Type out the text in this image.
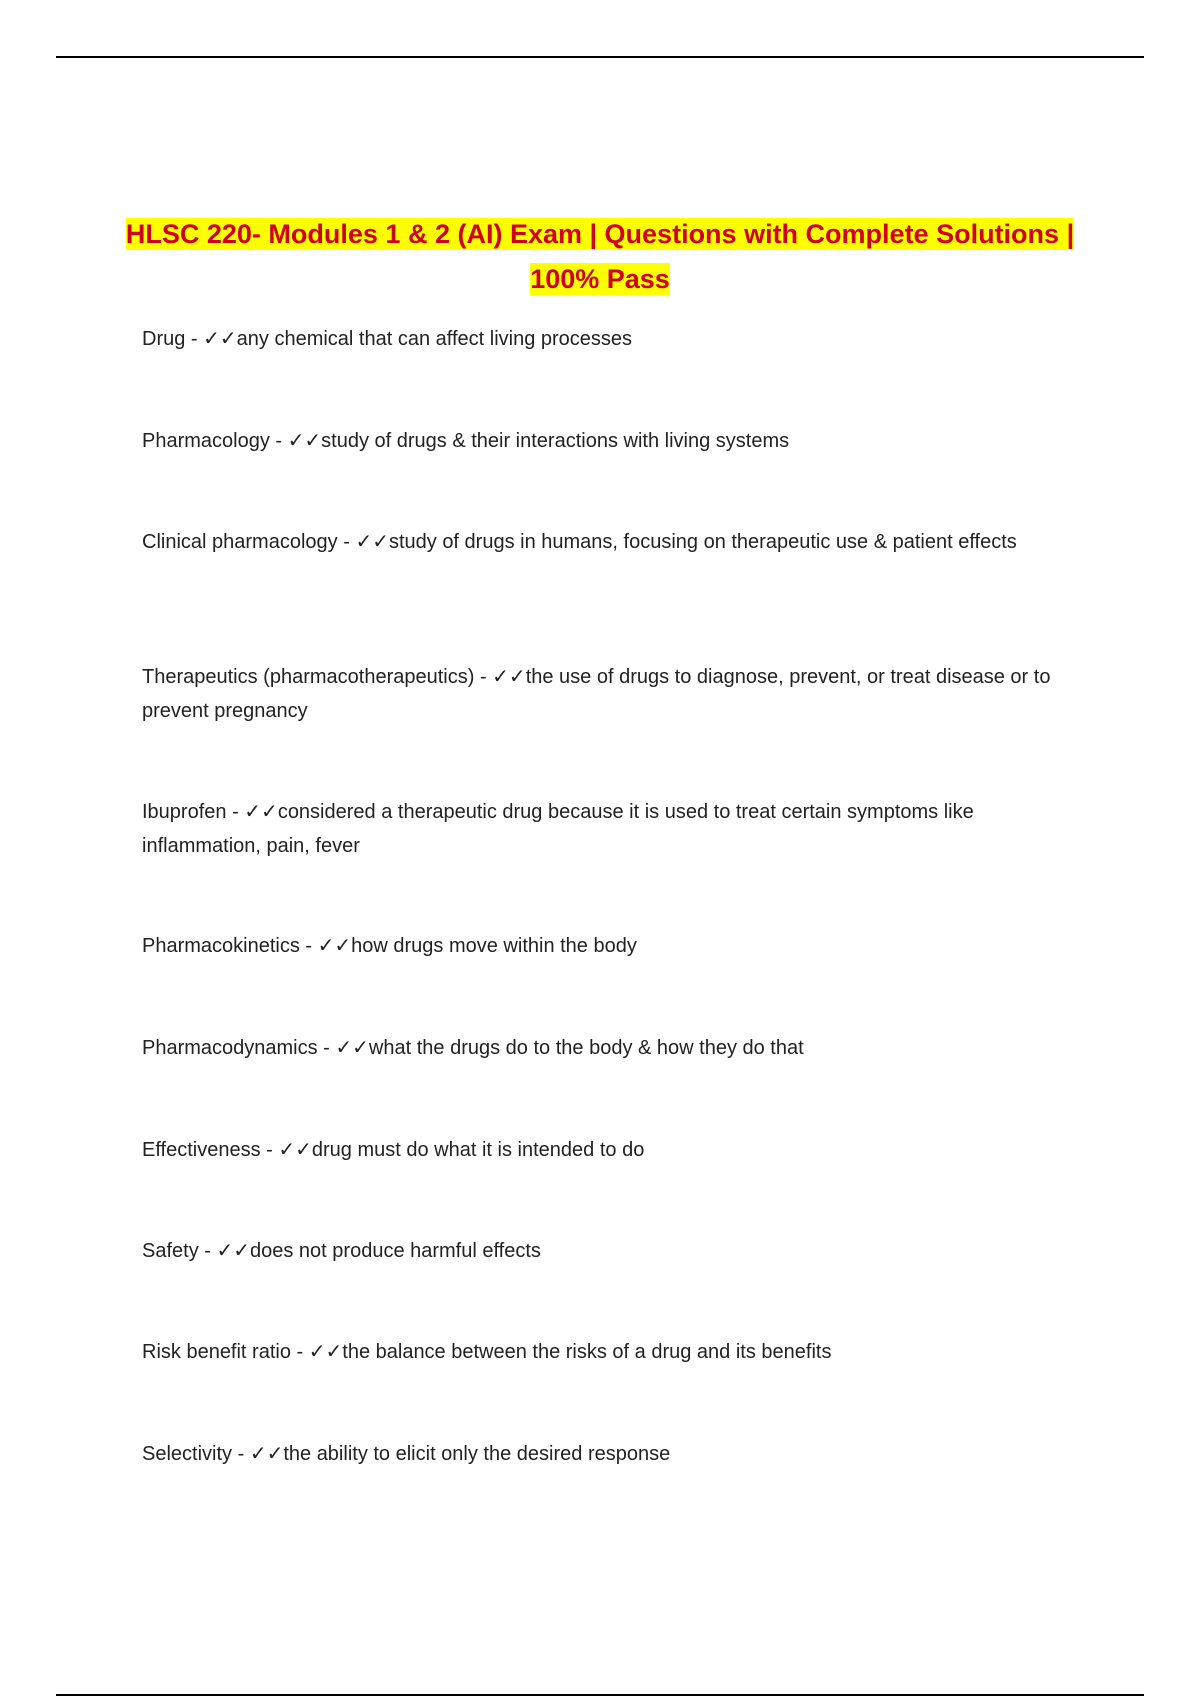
HLSC 220- Modules 1 & 2 (AI) Exam | Questions with Complete Solutions | 100% Pass
Drug - ✓✓any chemical that can affect living processes
Pharmacology - ✓✓study of drugs & their interactions with living systems
Clinical pharmacology - ✓✓study of drugs in humans, focusing on therapeutic use & patient effects
Therapeutics (pharmacotherapeutics) - ✓✓the use of drugs to diagnose, prevent, or treat disease or to prevent pregnancy
Ibuprofen - ✓✓considered a therapeutic drug because it is used to treat certain symptoms like inflammation, pain, fever
Pharmacokinetics - ✓✓how drugs move within the body
Pharmacodynamics - ✓✓what the drugs do to the body & how they do that
Effectiveness - ✓✓drug must do what it is intended to do
Safety - ✓✓does not produce harmful effects
Risk benefit ratio - ✓✓the balance between the risks of a drug and its benefits
Selectivity - ✓✓the ability to elicit only the desired response
